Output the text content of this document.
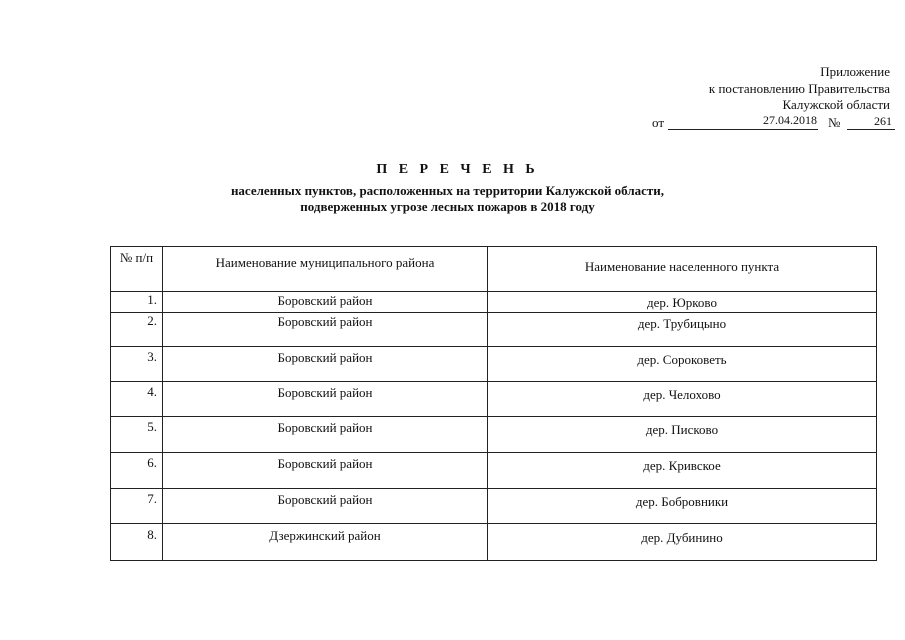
Приложение
к постановлению Правительства
Калужской области
от	27.04.2018 №	261
П Е Р Е Ч Е Н Ь
населенных пунктов, расположенных на территории Калужской области,
подверженных угрозе лесных пожаров в 2018 году
№ п/п	Наименование муниципального района	Наименование населенного пункта
1.	Боровский район	дер. Юрково
2.	Боровский район	дер. Трубицыно
3.	Боровский район	дер. Сороковеть
4.	Боровский район	дер. Челохово
5.	Боровский район	дер. Писково
6.	Боровский район	дер. Кривское
7.	Боровский район	дер. Бобровники
8.	Дзержинский район	дер. Дубинино
